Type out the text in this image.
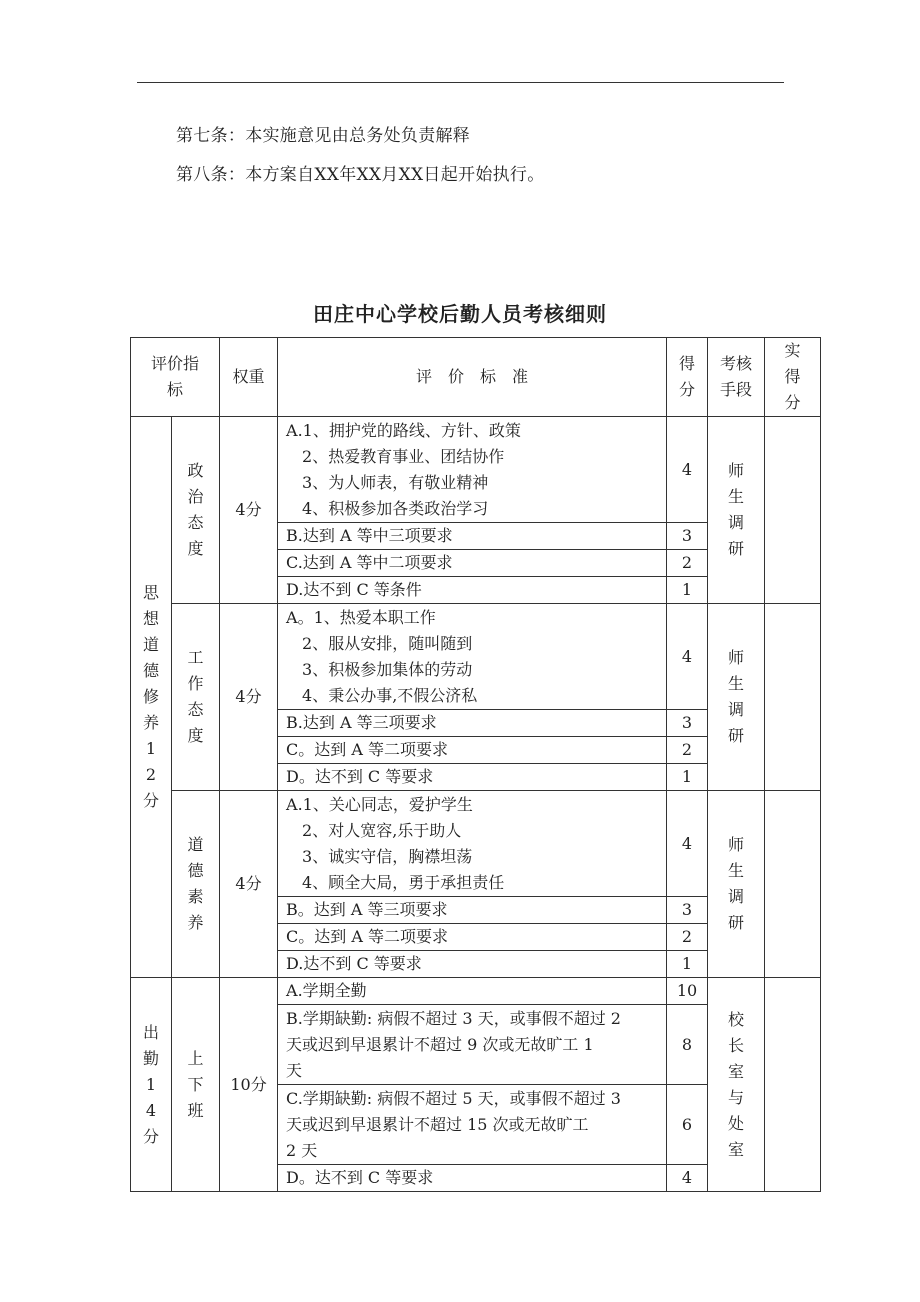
第七条：本实施意见由总务处负责解释
第八条：本方案自XX年XX月XX日起开始执行。
田庄中心学校后勤人员考核细则
评价指标		权重	评　价　标　准	得分	考核手段	实得分
思想道德修养12分	政治态度	4分	A.1、拥护党的路线、方针、政策
2、热爱教育事业、团结协作
3、为人师表，有敬业精神
4、积极参加各类政治学习	4	师生调研	

			B.达到 A 等中三项要求	3		

			C.达到 A 等中二项要求	2		

			D.达不到 C 等条件	1		
	工作态度	4分	A。1、热爱本职工作
2、服从安排，随叫随到
3、积极参加集体的劳动
4、秉公办事,不假公济私	4	师生调研	

			B.达到 A 等三项要求	3		

			C。达到 A 等二项要求	2		

			D。达不到 C 等要求	1		
	道德素养	4分	A.1、关心同志，爱护学生
2、对人宽容,乐于助人
3、诚实守信，胸襟坦荡
4、顾全大局，勇于承担责任	4	师生调研	

			B。达到 A 等三项要求	3		

			C。达到 A 等二项要求	2		

			D.达不到 C 等要求	1		
出勤14分	上下班	10分	A.学期全勤	10	校长室与处室	

			B.学期缺勤: 病假不超过 3 天，或事假不超过 2
天或迟到早退累计不超过 9 次或无故旷工 1
天	8		

			C.学期缺勤: 病假不超过 5 天，或事假不超过 3
天或迟到早退累计不超过 15 次或无故旷工
2 天	6		

			D。达不到 C 等要求	4		
